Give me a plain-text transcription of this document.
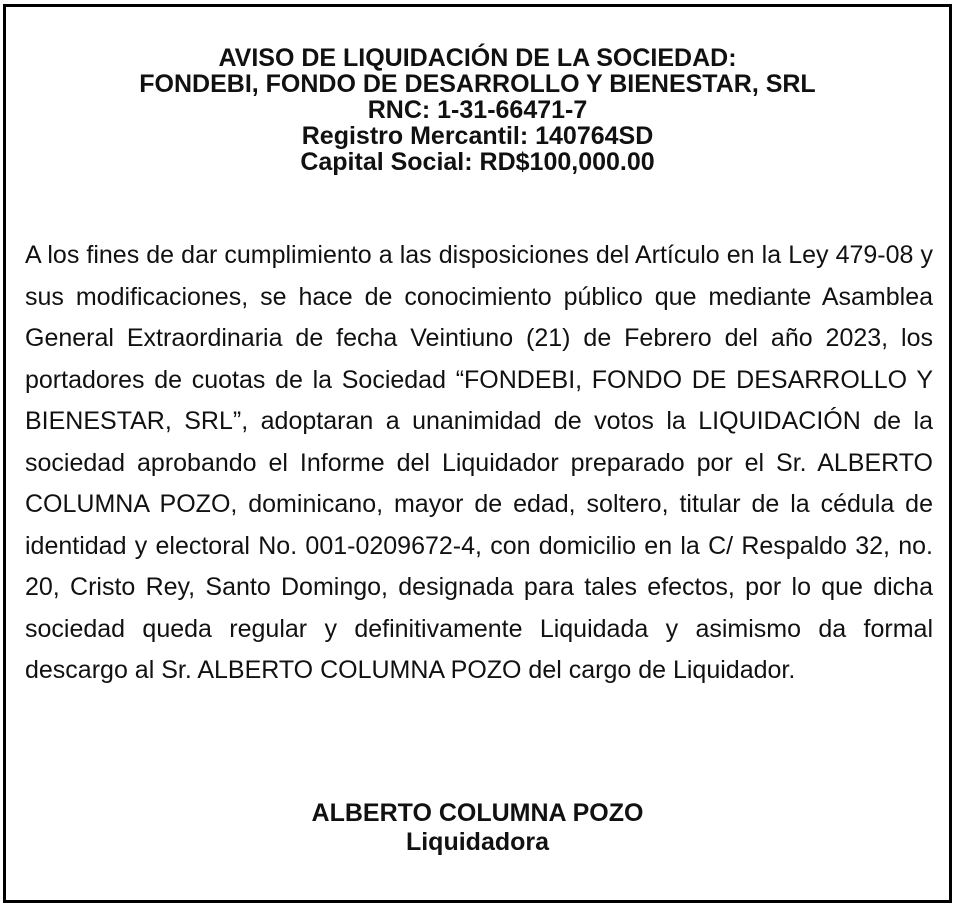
AVISO DE LIQUIDACIÓN DE LA SOCIEDAD:
FONDEBI, FONDO DE DESARROLLO Y BIENESTAR, SRL
RNC: 1-31-66471-7
Registro Mercantil: 140764SD
Capital Social: RD$100,000.00

A los fines de dar cumplimiento a las disposiciones del Artículo en la Ley 479-08 y sus modificaciones, se hace de conocimiento público que mediante Asamblea General Extraordinaria de fecha Veintiuno (21) de Febrero del año 2023, los portadores de cuotas de la Sociedad “FONDEBI, FONDO DE DESARROLLO Y BIENESTAR, SRL”, adoptaran a unanimidad de votos la LIQUIDACIÓN de la sociedad aprobando el Informe del Liquidador preparado por el Sr. ALBERTO COLUMNA POZO, dominicano, mayor de edad, soltero, titular de la cédula de identidad y electoral No. 001-0209672-4, con domicilio en la C/ Respaldo 32, no. 20, Cristo Rey, Santo Domingo, designada para tales efectos, por lo que dicha sociedad queda regular y definitivamente Liquidada y asimismo da formal descargo al Sr. ALBERTO COLUMNA POZO del cargo de Liquidador.

ALBERTO COLUMNA POZO
Liquidadora
